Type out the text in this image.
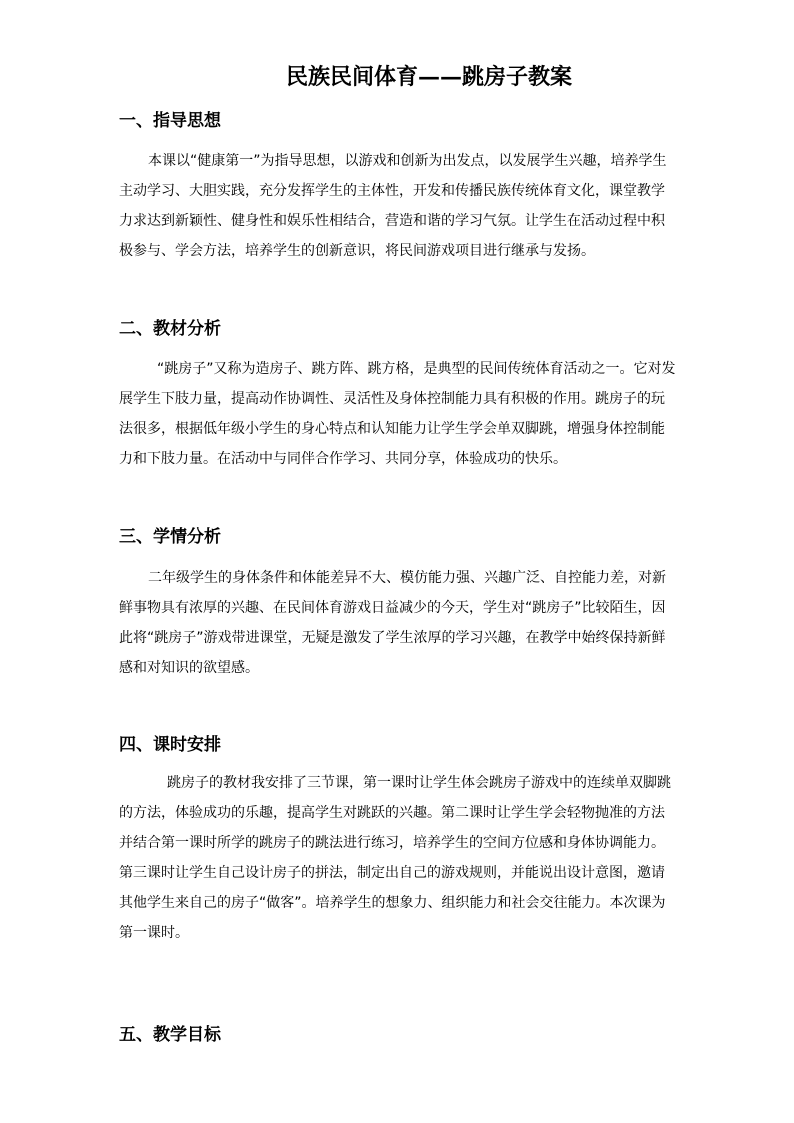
民族民间体育——跳房子教案
一、指导思想

本课以“健康第一”为指导思想，以游戏和创新为出发点，以发展学生兴趣，培养学生主动学习、大胆实践，充分发挥学生的主体性，开发和传播民族传统体育文化，课堂教学力求达到新颖性、健身性和娱乐性相结合，营造和谐的学习气氛。让学生在活动过程中积极参与、学会方法，培养学生的创新意识，将民间游戏项目进行继承与发扬。

二、教材分析

“跳房子”又称为造房子、跳方阵、跳方格，是典型的民间传统体育活动之一。它对发展学生下肢力量，提高动作协调性、灵活性及身体控制能力具有积极的作用。跳房子的玩法很多，根据低年级小学生的身心特点和认知能力让学生学会单双脚跳，增强身体控制能力和下肢力量。在活动中与同伴合作学习、共同分享，体验成功的快乐。

三、学情分析

二年级学生的身体条件和体能差异不大、模仿能力强、兴趣广泛、自控能力差，对新鲜事物具有浓厚的兴趣、在民间体育游戏日益减少的今天，学生对“跳房子”比较陌生，因此将“跳房子”游戏带进课堂，无疑是激发了学生浓厚的学习兴趣，在教学中始终保持新鲜感和对知识的欲望感。

四、课时安排

跳房子的教材我安排了三节课，第一课时让学生体会跳房子游戏中的连续单双脚跳的方法，体验成功的乐趣，提高学生对跳跃的兴趣。第二课时让学生学会轻物抛准的方法并结合第一课时所学的跳房子的跳法进行练习，培养学生的空间方位感和身体协调能力。第三课时让学生自己设计房子的拼法，制定出自己的游戏规则，并能说出设计意图，邀请其他学生来自己的房子“做客”。培养学生的想象力、组织能力和社会交往能力。本次课为第一课时。

五、教学目标
